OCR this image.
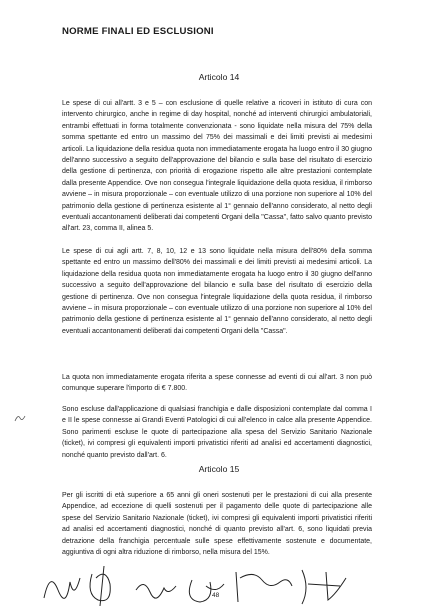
NORME FINALI ED ESCLUSIONI
Articolo 14

Le spese di cui all'artt. 3 e 5 – con esclusione di quelle relative a ricoveri in istituto di cura con intervento chirurgico, anche in regime di day hospital, nonché ad interventi chirurgici ambulatoriali, entrambi effettuati in forma totalmente convenzionata - sono liquidate nella misura del 75% della somma spettante ed entro un massimo del 75% dei massimali e dei limiti previsti ai medesimi articoli. La liquidazione della residua quota non immediatamente erogata ha luogo entro il 30 giugno dell'anno successivo a seguito dell'approvazione del bilancio e sulla base del risultato di esercizio della gestione di pertinenza, con priorità di erogazione rispetto alle altre prestazioni contemplate dalla presente Appendice. Ove non consegua l'integrale liquidazione della quota residua, il rimborso avviene – in misura proporzionale – con eventuale utilizzo di una porzione non superiore al 10% del patrimonio della gestione di pertinenza esistente al 1° gennaio dell'anno considerato, al netto degli eventuali accantonamenti deliberati dai competenti Organi della "Cassa", fatto salvo quanto previsto all'art. 23, comma II, alinea 5.

Le spese di cui agli artt. 7, 8, 10, 12 e 13 sono liquidate nella misura dell'80% della somma spettante ed entro un massimo dell'80% dei massimali e dei limiti previsti ai medesimi articoli. La liquidazione della residua quota non immediatamente erogata ha luogo entro il 30 giugno dell'anno successivo a seguito dell'approvazione del bilancio e sulla base del risultato di esercizio della gestione di pertinenza. Ove non consegua l'integrale liquidazione della quota residua, il rimborso avviene – in misura proporzionale – con eventuale utilizzo di una porzione non superiore al 10% del patrimonio della gestione di pertinenza esistente al 1° gennaio dell'anno considerato, al netto degli eventuali accantonamenti deliberati dai competenti Organi della "Cassa".

La quota non immediatamente erogata riferita a spese connesse ad eventi di cui all'art. 3 non può comunque superare l'importo di € 7.800.

Sono escluse dall'applicazione di qualsiasi franchigia e dalle disposizioni contemplate dal comma I e II le spese connesse ai Grandi Eventi Patologici di cui all'elenco in calce alla presente Appendice. Sono parimenti escluse le quote di partecipazione alla spesa del Servizio Sanitario Nazionale (ticket), ivi compresi gli equivalenti importi privatistici riferiti ad analisi ed accertamenti diagnostici, nonché quanto previsto dall'art. 6.

Articolo 15

Per gli iscritti di età superiore a 65 anni gli oneri sostenuti per le prestazioni di cui alla presente Appendice, ad eccezione di quelli sostenuti per il pagamento delle quote di partecipazione alle spese del Servizio Sanitario Nazionale (ticket), ivi compresi gli equivalenti importi privatistici riferiti ad analisi ed accertamenti diagnostici, nonché di quanto previsto all'art. 6, sono liquidati previa detrazione della franchigia percentuale sulle spese effettivamente sostenute e documentate, aggiuntiva di ogni altra riduzione di rimborso, nella misura del 15%.

48
